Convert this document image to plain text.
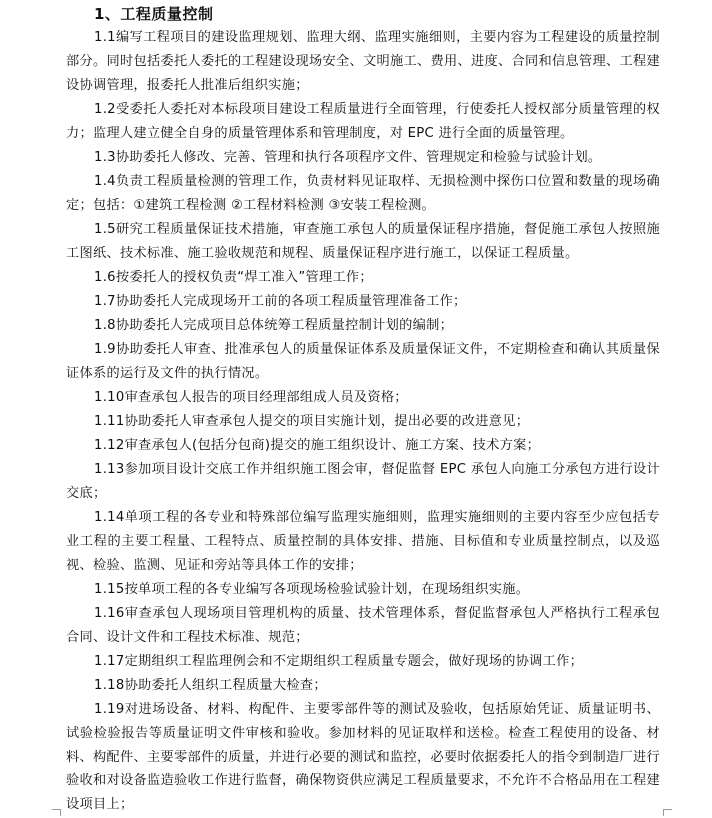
1、工程质量控制

1.1编写工程项目的建设监理规划、监理大纲、监理实施细则，主要内容为工程建设的质量控制部分。同时包括委托人委托的工程建设现场安全、文明施工、费用、进度、合同和信息管理、工程建设协调管理，报委托人批准后组织实施；

1.2受委托人委托对本标段项目建设工程质量进行全面管理，行使委托人授权部分质量管理的权力；监理人建立健全自身的质量管理体系和管理制度，对 EPC 进行全面的质量管理。

1.3协助委托人修改、完善、管理和执行各项程序文件、管理规定和检验与试验计划。

1.4负责工程质量检测的管理工作，负责材料见证取样、无损检测中探伤口位置和数量的现场确定；包括：①建筑工程检测 ②工程材料检测 ③安装工程检测。

1.5研究工程质量保证技术措施，审查施工承包人的质量保证程序措施，督促施工承包人按照施工图纸、技术标准、施工验收规范和规程、质量保证程序进行施工，以保证工程质量。

1.6按委托人的授权负责“焊工准入”管理工作；

1.7协助委托人完成现场开工前的各项工程质量管理准备工作；

1.8协助委托人完成项目总体统筹工程质量控制计划的编制；

1.9协助委托人审查、批准承包人的质量保证体系及质量保证文件，不定期检查和确认其质量保证体系的运行及文件的执行情况。

1.10审查承包人报告的项目经理部组成人员及资格；

1.11协助委托人审查承包人提交的项目实施计划，提出必要的改进意见；

1.12审查承包人(包括分包商)提交的施工组织设计、施工方案、技术方案；

1.13参加项目设计交底工作并组织施工图会审，督促监督 EPC 承包人向施工分承包方进行设计交底；

1.14单项工程的各专业和特殊部位编写监理实施细则，监理实施细则的主要内容至少应包括专业工程的主要工程量、工程特点、质量控制的具体安排、措施、目标值和专业质量控制点，以及巡视、检验、监测、见证和旁站等具体工作的安排；

1.15按单项工程的各专业编写各项现场检验试验计划，在现场组织实施。

1.16审查承包人现场项目管理机构的质量、技术管理体系，督促监督承包人严格执行工程承包合同、设计文件和工程技术标准、规范；

1.17定期组织工程监理例会和不定期组织工程质量专题会，做好现场的协调工作；

1.18协助委托人组织工程质量大检查；

1.19对进场设备、材料、构配件、主要零部件等的测试及验收，包括原始凭证、质量证明书、试验检验报告等质量证明文件审核和验收。参加材料的见证取样和送检。检查工程使用的设备、材料、构配件、主要零部件的质量，并进行必要的测试和监控，必要时依据委托人的指令到制造厂进行验收和对设备监造验收工作进行监督，确保物资供应满足工程质量要求，不允许不合格品用在工程建设项目上；
